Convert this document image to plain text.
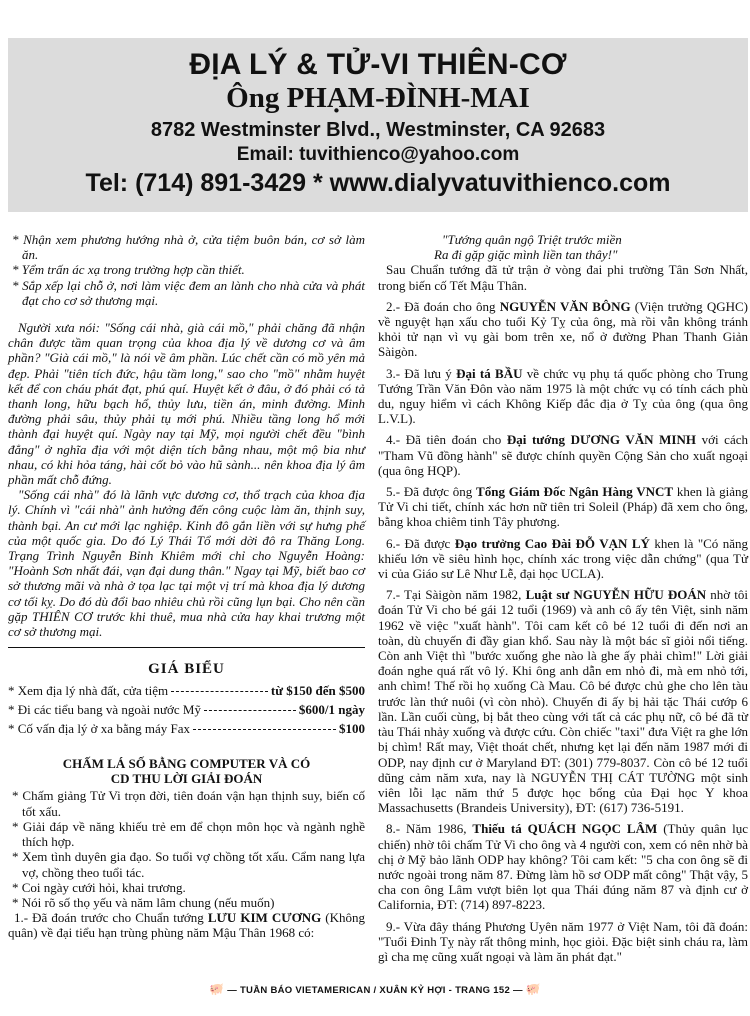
ĐỊA LÝ & TỬ-VI THIÊN-CƠ
Ông PHẠM-ĐÌNH-MAI
8782 Westminster Blvd., Westminster, CA 92683
Email: tuvithienco@yahoo.com
Tel: (714) 891-3429 * www.dialyvatuvithienco.com

* Nhận xem phương hướng nhà ở, cửa tiệm buôn bán, cơ sở làm ăn.

* Yểm trấn ác xạ trong trường hợp cần thiết.

* Sắp xếp lại chỗ ở, nơi làm việc đem an lành cho nhà cửa và phát đạt cho cơ sở thương mại.

Người xưa nói: "Sống cái nhà, già cái mồ," phải chăng đã nhận chân được tầm quan trọng của khoa địa lý về dương cơ và âm phần? "Già cái mồ," là nói về âm phần. Lúc chết cần có mồ yên mả đẹp. Phải "tiên tích đức, hậu tầm long," sao cho "mồ" nhằm huyệt kết để con cháu phát đạt, phú quí. Huyệt kết ở đâu, ở đó phải có tả thanh long, hữu bạch hổ, thủy lưu, tiền án, minh đường. Minh đường phải sâu, thủy phải tụ mới phú. Nhiều tầng long hổ mới thành đại huyệt quí. Ngày nay tại Mỹ, mọi người chết đều "bình đẳng" ở nghĩa địa với một diện tích bằng nhau, một mộ bia như nhau, có khi hỏa táng, hài cốt bỏ vào hũ sành... nên khoa địa lý âm phần mất chỗ đứng.

"Sống cái nhà" đó là lãnh vực dương cơ, thổ trạch của khoa địa lý. Chính vì "cái nhà" ảnh hưởng đến công cuộc làm ăn, thịnh suy, thành bại. An cư mới lạc nghiệp. Kinh đô gắn liền với sự hưng phế của một quốc gia. Do đó Lý Thái Tổ mới dời đô ra Thăng Long. Trạng Trình Nguyễn Bỉnh Khiêm mới chỉ cho Nguyễn Hoàng: "Hoành Sơn nhất đái, vạn đại dung thân." Ngay tại Mỹ, biết bao cơ sở thương mãi và nhà ở tọa lạc tại một vị trí mà khoa địa lý dương cơ tối kỵ. Do đó dù đổi bao nhiêu chủ rồi cũng lụn bại. Cho nên cần gặp THIÊN CƠ trước khi thuê, mua nhà cửa hay khai trương một cơ sở thương mại.

GIÁ BIỂU
* Xem địa lý nhà đất, cửa tiệm	từ $150 đến $500
* Đi các tiểu bang và ngoài nước Mỹ	$600/1 ngày
* Cố vấn địa lý ở xa bằng máy Fax	$100
CHẤM LÁ SỐ BẰNG COMPUTER VÀ CÓ
CD THU LỜI GIẢI ĐOÁN

* Chấm giảng Tử Vi trọn đời, tiên đoán vận hạn thịnh suy, biến cố tốt xấu.

* Giải đáp về năng khiếu trẻ em để chọn môn học và ngành nghề thích hợp.

* Xem tình duyên gia đạo. So tuổi vợ chồng tốt xấu. Cẩm nang lựa vợ, chồng theo tuổi tác.

* Coi ngày cưới hỏi, khai trương.

* Nói rõ số thọ yếu và năm lâm chung (nếu muốn)

1.- Đã đoán trước cho Chuẩn tướng LƯU KIM CƯƠNG (Không quân) về đại tiểu hạn trùng phùng năm Mậu Thân 1968 có:

"Tướng quân ngộ Triệt trước miền

Ra đi gặp giặc mình liền tan thây!"

Sau Chuẩn tướng đã tử trận ở vòng đai phi trường Tân Sơn Nhất, trong biến cố Tết Mậu Thân.

2.- Đã đoán cho ông NGUYỄN VĂN BÔNG (Viện trưởng QGHC) về nguyệt hạn xấu cho tuổi Kỷ Tỵ của ông, mà rồi vẫn không tránh khỏi tử nạn vì vụ gài bom trên xe, nổ ở đường Phan Thanh Giản Sàigòn.

3.- Đã lưu ý Đại tá BẦU về chức vụ phụ tá quốc phòng cho Trung Tướng Trần Văn Đôn vào năm 1975 là một chức vụ có tính cách phù du, nguy hiểm vì cách Không Kiếp đắc địa ở Tỵ của ông (qua ông L.V.L).

4.- Đã tiên đoán cho Đại tướng DƯƠNG VĂN MINH với cách "Tham Vũ đồng hành" sẽ được chính quyền Cộng Sản cho xuất ngoại (qua ông HQP).

5.- Đã được ông Tổng Giám Đốc Ngân Hàng VNCT khen là giảng Tử Vi chi tiết, chính xác hơn nữ tiên tri Soleil (Pháp) đã xem cho ông, bằng khoa chiêm tinh Tây phương.

6.- Đã được Đạo trưởng Cao Đài ĐỖ VẠN LÝ khen là "Có năng khiếu lớn về siêu hình học, chính xác trong việc dẫn chứng" (qua Tử vi của Giáo sư Lê Như Lễ, đại học UCLA).

7.- Tại Sàigòn năm 1982, Luật sư NGUYỄN HỮU ĐOÁN nhờ tôi đoán Tử Vi cho bé gái 12 tuổi (1969) và anh cô ấy tên Việt, sinh năm 1962 về việc "xuất hành". Tôi cam kết cô bé 12 tuổi đi đến nơi an toàn, dù chuyến đi đầy gian khổ. Sau này là một bác sĩ giỏi nổi tiếng. Còn anh Việt thì "bước xuống ghe nào là ghe ấy phải chìm!" Lời giải đoán nghe quá rất vô lý. Khi ông anh dẫn em nhỏ đi, mà em nhỏ tới, anh chìm! Thế rồi họ xuống Cà Mau. Cô bé được chủ ghe cho lên tàu trước làn thứ nuôi (vì còn nhỏ). Chuyến đi ấy bị hải tặc Thái cướp 6 lần. Lần cuối cùng, bị bắt theo cùng với tất cả các phụ nữ, cô bé đã từ tàu Thái nhảy xuống và được cứu. Còn chiếc "taxi" đưa Việt ra ghe lớn bị chìm! Rất may, Việt thoát chết, nhưng kẹt lại đến năm 1987 mới đi ODP, nay định cư ở Maryland ĐT: (301) 779-8037. Còn cô bé 12 tuổi dũng cảm năm xưa, nay là NGUYỄN THỊ CÁT TƯỜNG một sinh viên lỗi lạc năm thứ 5 được học bổng của Đại học Y khoa Massachusetts (Brandeis University), ĐT: (617) 736-5191.

8.- Năm 1986, Thiếu tá QUÁCH NGỌC LÂM (Thủy quân lục chiến) nhờ tôi chấm Tử Vi cho ông và 4 người con, xem có nên nhờ bà chị ở Mỹ bảo lãnh ODP hay không? Tôi cam kết: "5 cha con ông sẽ đi nước ngoài trong năm 87. Đừng làm hồ sơ ODP mất công" Thật vậy, 5 cha con ông Lâm vượt biên lọt qua Thái đúng năm 87 và định cư ở California, ĐT: (714) 897-8223.

9.- Vừa đây tháng Phương Uyên năm 1977 ở Việt Nam, tôi đã đoán: "Tuổi Đinh Tỵ này rất thông minh, học giỏi. Đặc biệt sinh cháu ra, làm gì cha mẹ cũng xuất ngoại và làm ăn phát đạt."

🐖 — TUẦN BÁO VIETAMERICAN / XUÂN KỶ HỢI - TRANG 152 — 🐖
